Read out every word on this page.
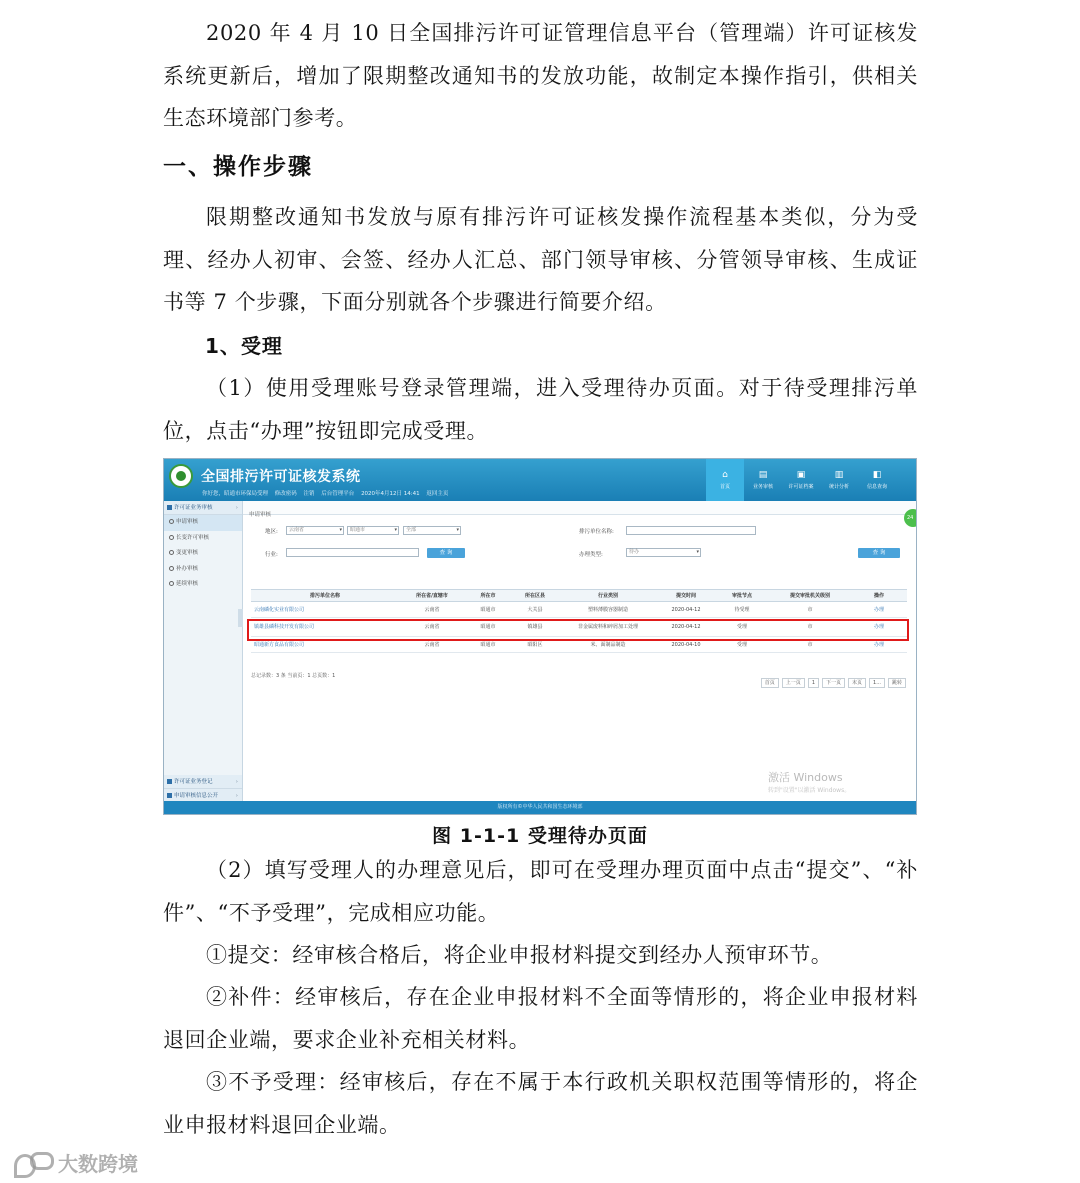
2020 年 4 月 10 日全国排污许可证管理信息平台（管理端）许可证核发系统更新后，增加了限期整改通知书的发放功能，故制定本操作指引，供相关生态环境部门参考。

一、操作步骤

限期整改通知书发放与原有排污许可证核发操作流程基本类似，分为受理、经办人初审、会签、经办人汇总、部门领导审核、分管领导审核、生成证书等 7 个步骤，下面分别就各个步骤进行简要介绍。

1、受理

（1）使用受理账号登录管理端，进入受理待办页面。对于待受理排污单位，点击“办理”按钮即完成受理。

全国排污许可证核发系统
你好您，昭通市环保局受理 修改密码 注销 后台管理平台 2020年4月12日 14:41 返回主页
⌂
首页
▤
业务审核
▣
许可证档案
▥
统计分析
◧
信息查询
许可证业务审核	›
申请审核
长变许可审核
变更审核
补办审核
延续审核
许可证业务登记	›
申请审核信息公开	›
申请审核
地区:	云南省 ▾	昭通市 ▾	全部 ▾	排污单位名称:
行业:	查 询	办理类型:	待办 ▾	查 询
排污单位名称	所在省/直辖市	所在市	所在区县	行业类别	提交时间	审批节点	提交审批机关级别	操作
云南磷化实业有限公司	云南省	昭通市	大关县	塑料薄膜容器制造	2020-04-12	待受理	市	办理
镇雄县磷科技开发有限公司	云南省	昭通市	镇雄县	非金属废料和碎屑加工处理	2020-04-12	受理	市	办理
昭通新方食品有限公司	云南省	昭通市	昭阳区	米、面制品制造	2020-04-10	受理	市	办理
总记录数：3 条 当前页：1 总页数：1
首页	上一页	1	下一页	末页	1...	跳转
激活 Windows
转到"设置"以激活 Windows。
24
版权所有©中华人民共和国生态环境部
图 1-1-1 受理待办页面

（2）填写受理人的办理意见后，即可在受理办理页面中点击“提交”、“补件”、“不予受理”，完成相应功能。

①提交：经审核合格后，将企业申报材料提交到经办人预审环节。

②补件：经审核后，存在企业申报材料不全面等情形的，将企业申报材料退回企业端，要求企业补充相关材料。

③不予受理：经审核后，存在不属于本行政机关职权范围等情形的，将企业申报材料退回企业端。

大数跨境
